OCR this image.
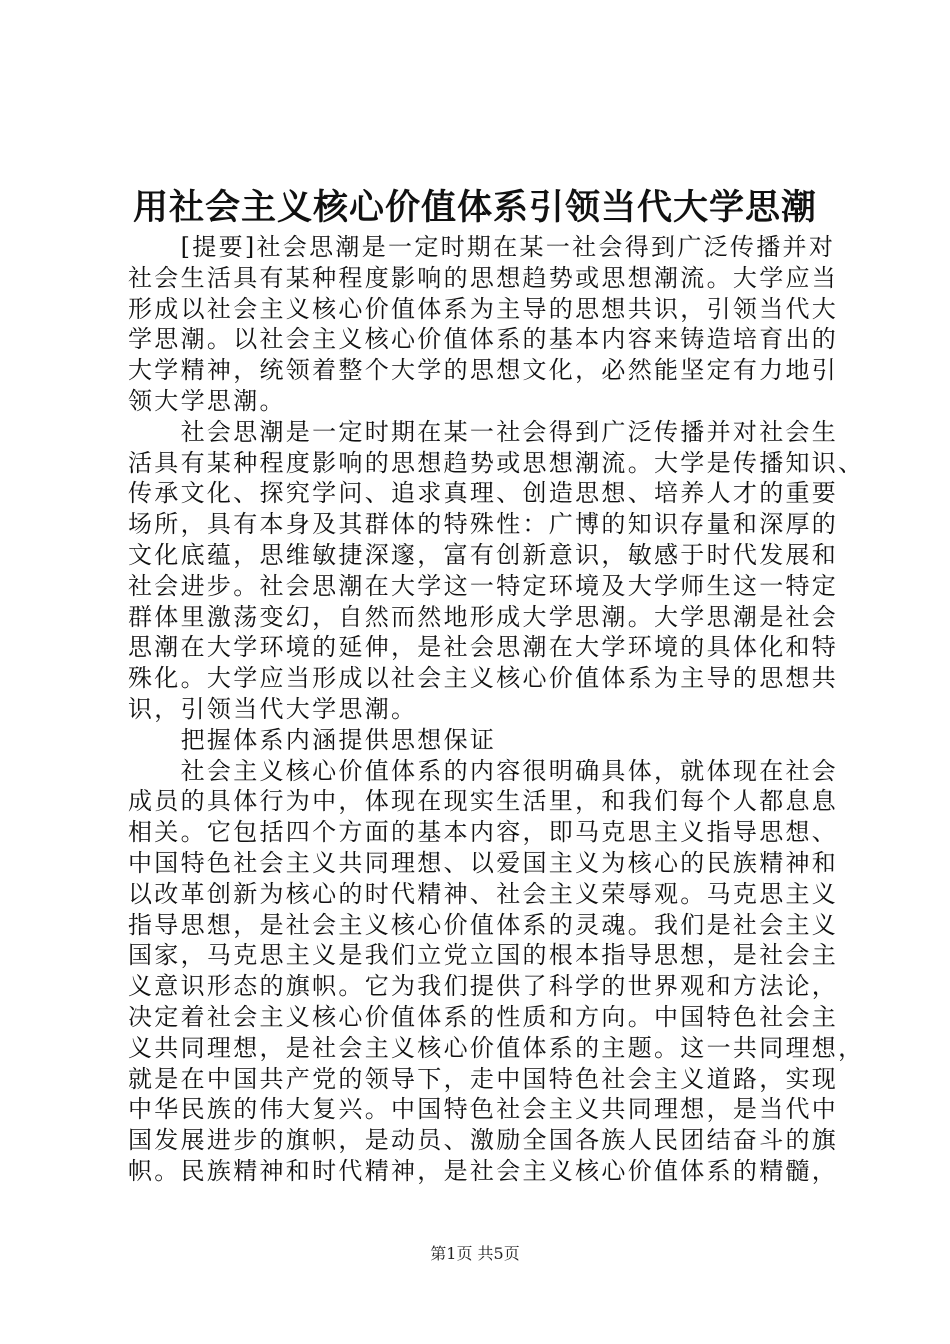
用社会主义核心价值体系引领当代大学思潮
　　[提要]社会思潮是一定时期在某一社会得到广泛传播并对
社会生活具有某种程度影响的思想趋势或思想潮流。大学应当
形成以社会主义核心价值体系为主导的思想共识，引领当代大
学思潮。以社会主义核心价值体系的基本内容来铸造培育出的
大学精神，统领着整个大学的思想文化，必然能坚定有力地引
领大学思潮。
　　社会思潮是一定时期在某一社会得到广泛传播并对社会生
活具有某种程度影响的思想趋势或思想潮流。大学是传播知识、
传承文化、探究学问、追求真理、创造思想、培养人才的重要
场所，具有本身及其群体的特殊性：广博的知识存量和深厚的
文化底蕴，思维敏捷深邃，富有创新意识，敏感于时代发展和
社会进步。社会思潮在大学这一特定环境及大学师生这一特定
群体里激荡变幻，自然而然地形成大学思潮。大学思潮是社会
思潮在大学环境的延伸，是社会思潮在大学环境的具体化和特
殊化。大学应当形成以社会主义核心价值体系为主导的思想共
识，引领当代大学思潮。
　　把握体系内涵提供思想保证
　　社会主义核心价值体系的内容很明确具体，就体现在社会
成员的具体行为中，体现在现实生活里，和我们每个人都息息
相关。它包括四个方面的基本内容，即马克思主义指导思想、
中国特色社会主义共同理想、以爱国主义为核心的民族精神和
以改革创新为核心的时代精神、社会主义荣辱观。马克思主义
指导思想，是社会主义核心价值体系的灵魂。我们是社会主义
国家，马克思主义是我们立党立国的根本指导思想，是社会主
义意识形态的旗帜。它为我们提供了科学的世界观和方法论，
决定着社会主义核心价值体系的性质和方向。中国特色社会主
义共同理想，是社会主义核心价值体系的主题。这一共同理想，
就是在中国共产党的领导下，走中国特色社会主义道路，实现
中华民族的伟大复兴。中国特色社会主义共同理想，是当代中
国发展进步的旗帜，是动员、激励全国各族人民团结奋斗的旗
帜。民族精神和时代精神，是社会主义核心价值体系的精髓，
第1页 共5页
